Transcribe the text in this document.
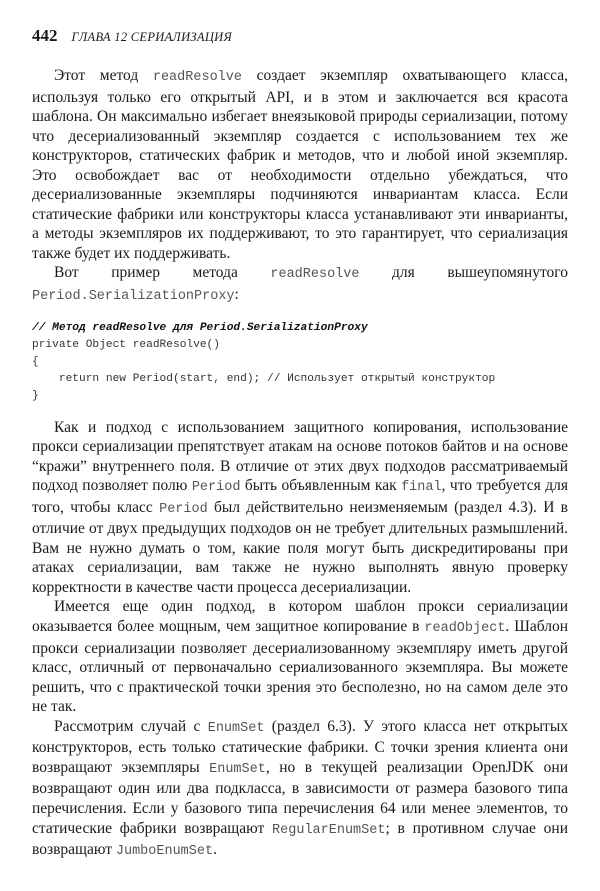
442 ГЛАВА 12 СЕРИАЛИЗАЦИЯ

Этот метод readResolve создает экземпляр охватывающего класса, используя только его открытый API, и в этом и заключается вся красота шаблона. Он максимально избегает внеязыковой природы сериализации, потому что десериализованный экземпляр создается с использованием тех же конструкторов, статических фабрик и методов, что и любой иной экземпляр. Это освобождает вас от необходимости отдельно убеждаться, что десериализованные экземпляры подчиняются инвариантам класса. Если статические фабрики или конструкторы класса устанавливают эти инварианты, а методы экземпляров их поддерживают, то это гарантирует, что сериализация также будет их поддерживать.

Вот пример метода readResolve для вышеупомянутого Period.SerializationProxy:

// Метод readResolve для Period.SerializationProxy
private Object readResolve()
{
return new Period(start, end); // Использует открытый конструктор
}

Как и подход с использованием защитного копирования, использование прокси сериализации препятствует атакам на основе потоков байтов и на основе “кражи” внутреннего поля. В отличие от этих двух подходов рассматриваемый подход позволяет полю Period быть объявленным как final, что требуется для того, чтобы класс Period был действительно неизменяемым (раздел 4.3). И в отличие от двух предыдущих подходов он не требует длительных размышлений. Вам не нужно думать о том, какие поля могут быть дискредитированы при атаках сериализации, вам также не нужно выполнять явную проверку корректности в качестве части процесса десериализации.

Имеется еще один подход, в котором шаблон прокси сериализации оказывается более мощным, чем защитное копирование в readObject. Шаблон прокси сериализации позволяет десериализованному экземпляру иметь другой класс, отличный от первоначально сериализованного экземпляра. Вы можете решить, что с практической точки зрения это бесполезно, но на самом деле это не так.

Рассмотрим случай с EnumSet (раздел 6.3). У этого класса нет открытых конструкторов, есть только статические фабрики. С точки зрения клиента они возвращают экземпляры EnumSet, но в текущей реализации OpenJDK они возвращают один или два подкласса, в зависимости от размера базового типа перечисления. Если у базового типа перечисления 64 или менее элементов, то статические фабрики возвращают RegularEnumSet; в противном случае они возвращают JumboEnumSet.
